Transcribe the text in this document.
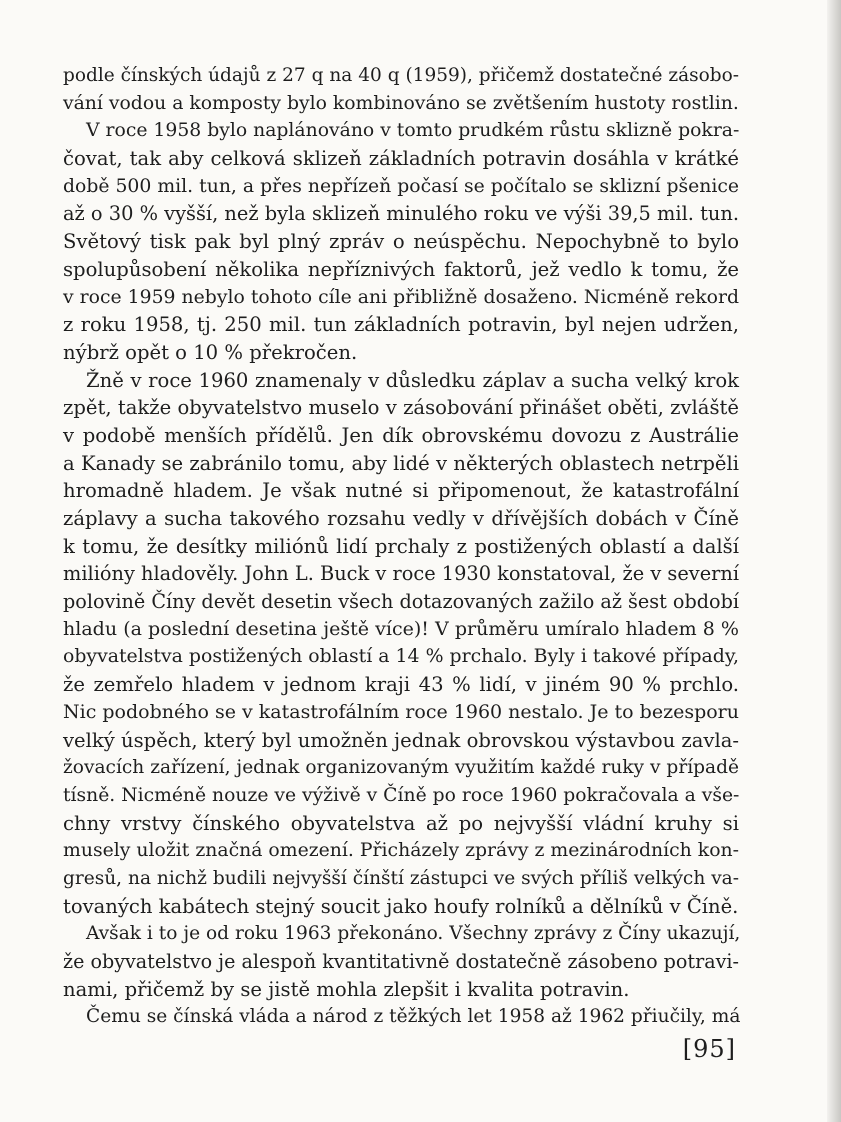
podle čínských údajů z 27 q na 40 q (1959), přičemž dostatečné zásobo-
vání vodou a komposty bylo kombinováno se zvětšením hustoty rostlin.
V roce 1958 bylo naplánováno v tomto prudkém růstu sklizně pokra-
čovat, tak aby celková sklizeň základních potravin dosáhla v krátké
době 500 mil. tun, a přes nepřízeň počasí se počítalo se sklizní pšenice
až o 30 % vyšší, než byla sklizeň minulého roku ve výši 39,5 mil. tun.
Světový tisk pak byl plný zpráv o neúspěchu. Nepochybně to bylo
spolupůsobení několika nepříznivých faktorů, jež vedlo k tomu, že
v roce 1959 nebylo tohoto cíle ani přibližně dosaženo. Nicméně rekord
z roku 1958, tj. 250 mil. tun základních potravin, byl nejen udržen,
nýbrž opět o 10 % překročen.
Žně v roce 1960 znamenaly v důsledku záplav a sucha velký krok
zpět, takže obyvatelstvo muselo v zásobování přinášet oběti, zvláště
v podobě menších přídělů. Jen dík obrovskému dovozu z Austrálie
a Kanady se zabránilo tomu, aby lidé v některých oblastech netrpěli
hromadně hladem. Je však nutné si připomenout, že katastrofální
záplavy a sucha takového rozsahu vedly v dřívějších dobách v Číně
k tomu, že desítky miliónů lidí prchaly z postižených oblastí a další
milióny hladověly. John L. Buck v roce 1930 konstatoval, že v severní
polovině Číny devět desetin všech dotazovaných zažilo až šest období
hladu (a poslední desetina ještě více)! V průměru umíralo hladem 8 %
obyvatelstva postižených oblastí a 14 % prchalo. Byly i takové případy,
že zemřelo hladem v jednom kraji 43 % lidí, v jiném 90 % prchlo.
Nic podobného se v katastrofálním roce 1960 nestalo. Je to bezesporu
velký úspěch, který byl umožněn jednak obrovskou výstavbou zavla-
žovacích zařízení, jednak organizovaným využitím každé ruky v případě
tísně. Nicméně nouze ve výživě v Číně po roce 1960 pokračovala a vše-
chny vrstvy čínského obyvatelstva až po nejvyšší vládní kruhy si
musely uložit značná omezení. Přicházely zprávy z mezinárodních kon-
gresů, na nichž budili nejvyšší čínští zástupci ve svých příliš velkých va-
tovaných kabátech stejný soucit jako houfy rolníků a dělníků v Číně.
Avšak i to je od roku 1963 překonáno. Všechny zprávy z Číny ukazují,
že obyvatelstvo je alespoň kvantitativně dostatečně zásobeno potravi-
nami, přičemž by se jistě mohla zlepšit i kvalita potravin.
Čemu se čínská vláda a národ z těžkých let 1958 až 1962 přiučily, má
[95]
